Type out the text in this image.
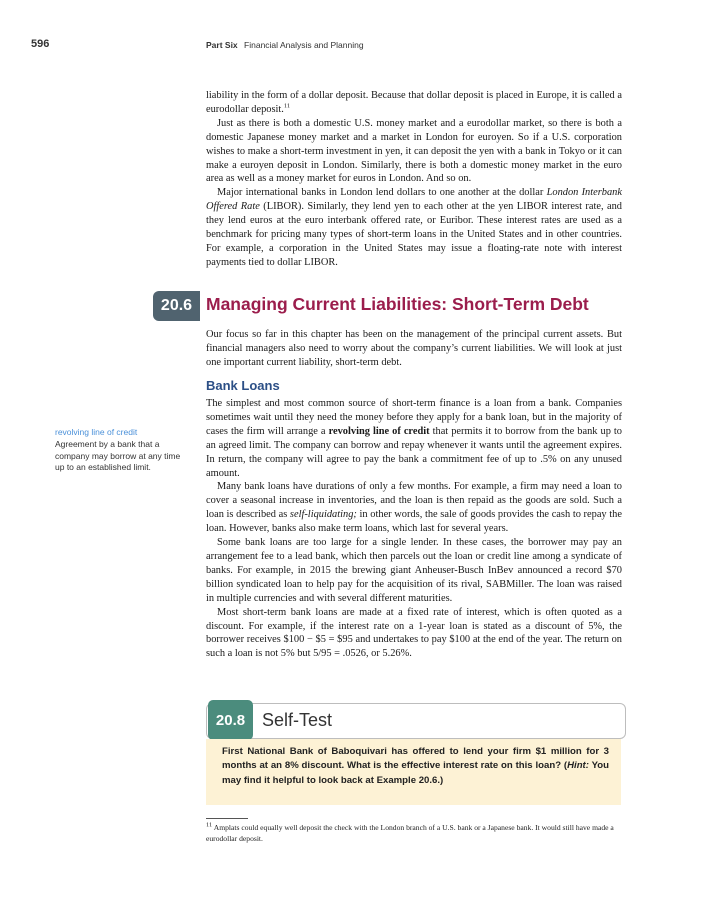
596	Part Six Financial Analysis and Planning

liability in the form of a dollar deposit. Because that dollar deposit is placed in Europe, it is called a eurodollar deposit.$^{11}$

Just as there is both a domestic U.S. money market and a eurodollar market, so there is both a domestic Japanese money market and a market in London for euroyen. So if a U.S. corporation wishes to make a short-term investment in yen, it can deposit the yen with a bank in Tokyo or it can make a euroyen deposit in London. Similarly, there is both a domestic money market in the euro area as well as a money market for euros in London. And so on.

Major international banks in London lend dollars to one another at the dollar London Interbank Offered Rate (LIBOR). Similarly, they lend yen to each other at the yen LIBOR interest rate, and they lend euros at the euro interbank offered rate, or Euribor. These interest rates are used as a benchmark for pricing many types of short-term loans in the United States and in other countries. For example, a corporation in the United States may issue a floating-rate note with interest payments tied to dollar LIBOR.

20.6 Managing Current Liabilities: Short-Term Debt

Our focus so far in this chapter has been on the management of the principal current assets. But financial managers also need to worry about the company’s current liabilities. We will look at just one important current liability, short-term debt.

Bank Loans

The simplest and most common source of short-term finance is a loan from a bank. Companies sometimes wait until they need the money before they apply for a bank loan, but in the majority of cases the firm will arrange a revolving line of credit that permits it to borrow from the bank up to an agreed limit. The company can borrow and repay whenever it wants until the agreement expires. In return, the company will agree to pay the bank a commitment fee of up to .5% on any unused amount.

Many bank loans have durations of only a few months. For example, a firm may need a loan to cover a seasonal increase in inventories, and the loan is then repaid as the goods are sold. Such a loan is described as self-liquidating; in other words, the sale of goods provides the cash to repay the loan. However, banks also make term loans, which last for several years.

Some bank loans are too large for a single lender. In these cases, the borrower may pay an arrangement fee to a lead bank, which then parcels out the loan or credit line among a syndicate of banks. For example, in 2015 the brewing giant Anheuser-Busch InBev announced a record $70 billion syndicated loan to help pay for the acquisition of its rival, SABMiller. The loan was raised in multiple currencies and with several different maturities.

Most short-term bank loans are made at a fixed rate of interest, which is often quoted as a discount. For example, if the interest rate on a 1-year loan is stated as a discount of 5%, the borrower receives $100 − $5 = $95 and undertakes to pay $100 at the end of the year. The return on such a loan is not 5% but 5/95 = .0526, or 5.26%.

revolving line of credit
Agreement by a bank that a company may borrow at any time up to an established limit.
20.8 Self-Test
First National Bank of Baboquivari has offered to lend your firm $1 million for 3 months at an 8% discount. What is the effective interest rate on this loan? (Hint: You may find it helpful to look back at Example 20.6.)
$^{11}$ Amplats could equally well deposit the check with the London branch of a U.S. bank or a Japanese bank. It would still have made a eurodollar deposit.
